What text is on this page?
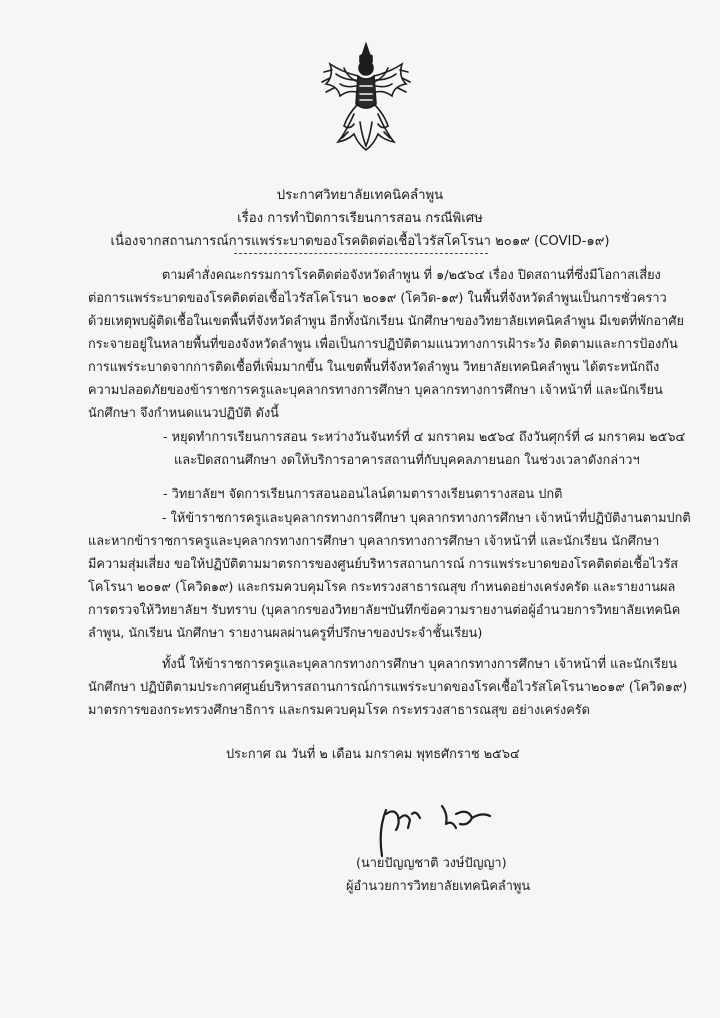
ประกาศวิทยาลัยเทคนิคลำพูน
เรื่อง การทำปิดการเรียนการสอน กรณีพิเศษ
เนื่องจากสถานการณ์การแพร่ระบาดของโรคติดต่อเชื้อไวรัสโคโรนา ๒๐๑๙ (COVID-๑๙)
ตามคำสั่งคณะกรรมการโรคติดต่อจังหวัดลำพูน ที่ ๑/๒๕๖๔ เรื่อง ปิดสถานที่ซึ่งมีโอกาสเสี่ยง
ต่อการแพร่ระบาดของโรคติดต่อเชื้อไวรัสโคโรนา ๒๐๑๙ (โควิด-๑๙) ในพื้นที่จังหวัดลำพูนเป็นการชั่วคราว
ด้วยเหตุพบผู้ติดเชื้อในเขตพื้นที่จังหวัดลำพูน อีกทั้งนักเรียน นักศึกษาของวิทยาลัยเทคนิคลำพูน มีเขตที่พักอาศัย
กระจายอยู่ในหลายพื้นที่ของจังหวัดลำพูน เพื่อเป็นการปฏิบัติตามแนวทางการเฝ้าระวัง ติดตามและการป้องกัน
การแพร่ระบาดจากการติดเชื้อที่เพิ่มมากขึ้น ในเขตพื้นที่จังหวัดลำพูน วิทยาลัยเทคนิคลำพูน ได้ตระหนักถึง
ความปลอดภัยของข้าราชการครูและบุคลากรทางการศึกษา บุคลากรทางการศึกษา เจ้าหน้าที่ และนักเรียน
นักศึกษา จึงกำหนดแนวปฏิบัติ ดังนี้
- หยุดทำการเรียนการสอน ระหว่างวันจันทร์ที่ ๔ มกราคม ๒๕๖๔ ถึงวันศุกร์ที่ ๘ มกราคม ๒๕๖๔
และปิดสถานศึกษา งดให้บริการอาคารสถานที่กับบุคคลภายนอก ในช่วงเวลาดังกล่าวฯ
- วิทยาลัยฯ จัดการเรียนการสอนออนไลน์ตามตารางเรียนตารางสอน ปกติ
- ให้ข้าราชการครูและบุคลากรทางการศึกษา บุคลากรทางการศึกษา เจ้าหน้าที่ปฏิบัติงานตามปกติ
และหากข้าราชการครูและบุคลากรทางการศึกษา บุคลากรทางการศึกษา เจ้าหน้าที่ และนักเรียน นักศึกษา
มีความสุ่มเสี่ยง ขอให้ปฏิบัติตามมาตรการของศูนย์บริหารสถานการณ์ การแพร่ระบาดของโรคติดต่อเชื้อไวรัส
โคโรนา ๒๐๑๙ (โควิด๑๙) และกรมควบคุมโรค กระทรวงสาธารณสุข กำหนดอย่างเคร่งครัด และรายงานผล
การตรวจให้วิทยาลัยฯ รับทราบ (บุคลากรของวิทยาลัยฯบันทึกข้อความรายงานต่อผู้อำนวยการวิทยาลัยเทคนิค
ลำพูน, นักเรียน นักศึกษา รายงานผลผ่านครูที่ปรึกษาของประจำชั้นเรียน)
ทั้งนี้ ให้ข้าราชการครูและบุคลากรทางการศึกษา บุคลากรทางการศึกษา เจ้าหน้าที่ และนักเรียน
นักศึกษา ปฏิบัติตามประกาศศูนย์บริหารสถานการณ์การแพร่ระบาดของโรคเชื้อไวรัสโคโรนา๒๐๑๙ (โควิด๑๙)
มาตรการของกระทรวงศึกษาธิการ และกรมควบคุมโรค กระทรวงสาธารณสุข อย่างเคร่งครัด
ประกาศ ณ วันที่ ๒ เดือน มกราคม พุทธศักราช ๒๕๖๔
(นายปัญญชาติ วงษ์ปัญญา)
ผู้อำนวยการวิทยาลัยเทคนิคลำพูน
